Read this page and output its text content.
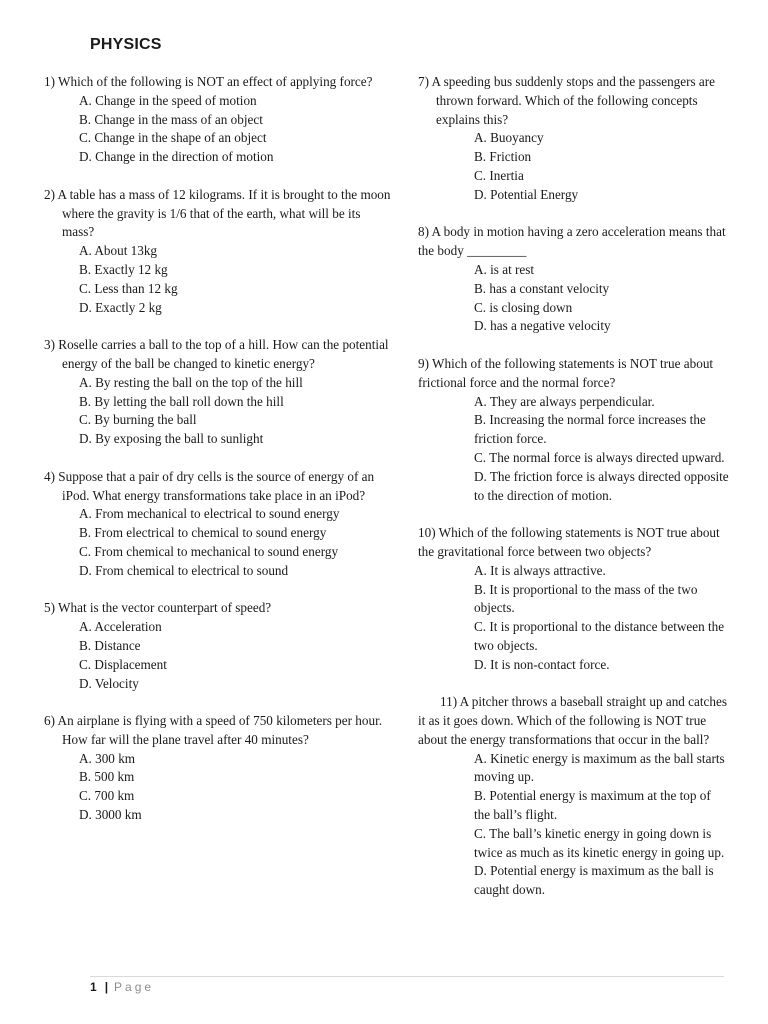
PHYSICS
1) Which of the following is NOT an effect of applying force?
A. Change in the speed of motion
B. Change in the mass of an object
C. Change in the shape of an object
D. Change in the direction of motion
2) A table has a mass of 12 kilograms. If it is brought to the moon where the gravity is 1/6 that of the earth, what will be its mass?
A. About 13kg
B. Exactly 12 kg
C. Less than 12 kg
D. Exactly 2 kg
3) Roselle carries a ball to the top of a hill. How can the potential energy of the ball be changed to kinetic energy?
A. By resting the ball on the top of the hill
B. By letting the ball roll down the hill
C. By burning the ball
D. By exposing the ball to sunlight
4) Suppose that a pair of dry cells is the source of energy of an iPod. What energy transformations take place in an iPod?
A. From mechanical to electrical to sound energy
B. From electrical to chemical to sound energy
C. From chemical to mechanical to sound energy
D. From chemical to electrical to sound
5) What is the vector counterpart of speed?
A. Acceleration
B. Distance
C. Displacement
D. Velocity
6) An airplane is flying with a speed of 750 kilometers per hour. How far will the plane travel after 40 minutes?
A. 300 km
B. 500 km
C. 700 km
D. 3000 km
7) A speeding bus suddenly stops and the passengers are thrown forward. Which of the following concepts explains this?
A. Buoyancy
B. Friction
C. Inertia
D. Potential Energy
8) A body in motion having a zero acceleration means that the body _________
A. is at rest
B. has a constant velocity
C. is closing down
D. has a negative velocity
9) Which of the following statements is NOT true about frictional force and the normal force?
A. They are always perpendicular.
B. Increasing the normal force increases the friction force.
C. The normal force is always directed upward.
D. The friction force is always directed opposite to the direction of motion.
10) Which of the following statements is NOT true about the gravitational force between two objects?
A. It is always attractive.
B. It is proportional to the mass of the two objects.
C. It is proportional to the distance between the two objects.
D. It is non-contact force.
11) A pitcher throws a baseball straight up and catches it as it goes down. Which of the following is NOT true about the energy transformations that occur in the ball?
A. Kinetic energy is maximum as the ball starts moving up.
B. Potential energy is maximum at the top of the ball’s flight.
C. The ball’s kinetic energy in going down is twice as much as its kinetic energy in going up.
D. Potential energy is maximum as the ball is caught down.
1 | Page
